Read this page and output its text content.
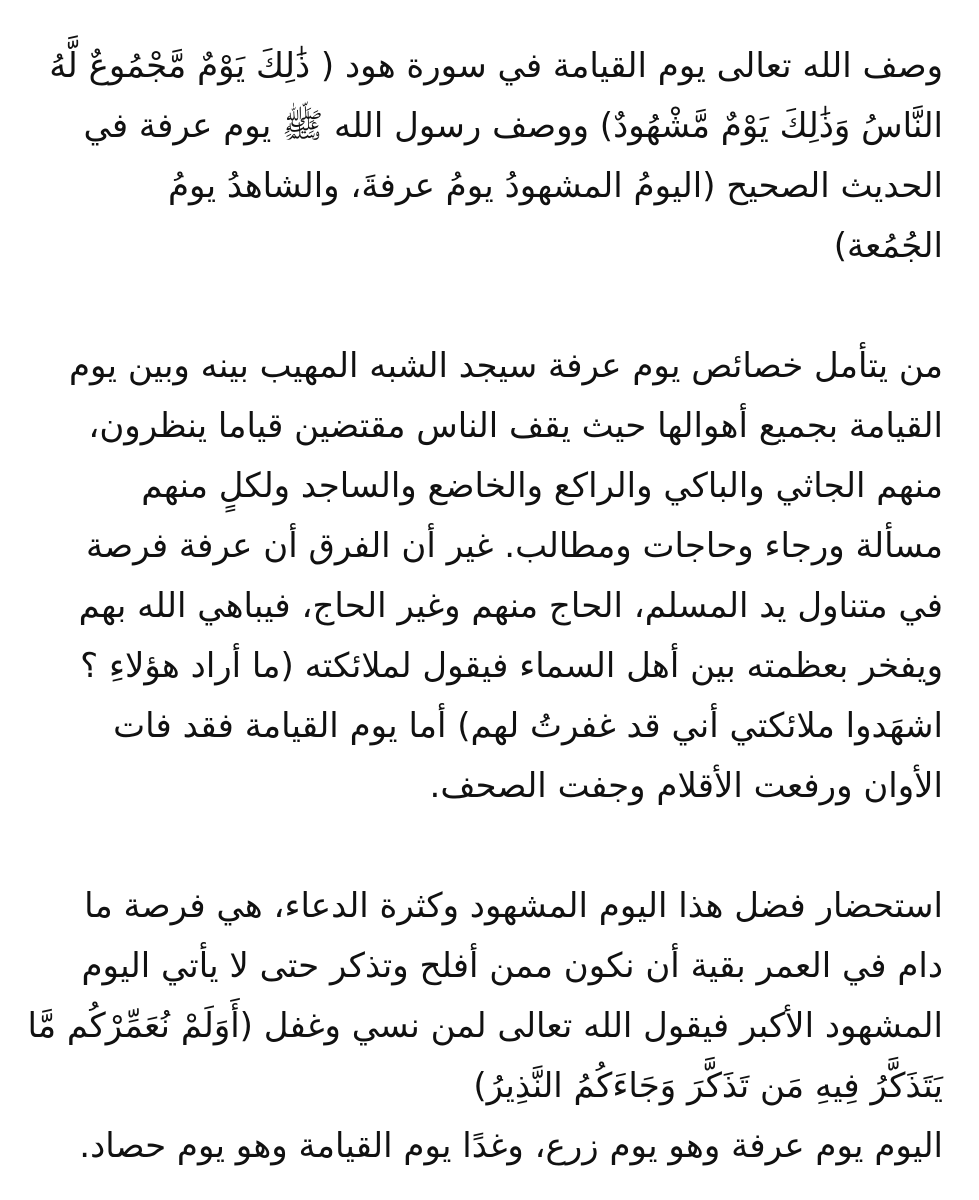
وصف الله تعالى يوم القيامة في سورة هود ( ذَٰلِكَ يَوْمٌ مَّجْمُوعٌ لَّهُ
النَّاسُ وَذَٰلِكَ يَوْمٌ مَّشْهُودٌ) ووصف رسول الله ﷺ يوم عرفة في
الحديث الصحيح (اليومُ المشهودُ يومُ عرفةَ، والشاهدُ يومُ
الجُمُعة)
من يتأمل خصائص يوم عرفة سيجد الشبه المهيب بينه وبين يوم
القيامة بجميع أهوالها حيث يقف الناس مقتضين قياما ينظرون،
منهم الجاثي والباكي والراكع والخاضع والساجد ولكلٍ منهم
مسألة ورجاء وحاجات ومطالب. غير أن الفرق أن عرفة فرصة
في متناول يد المسلم، الحاج منهم وغير الحاج، فيباهي الله بهم
ويفخر بعظمته بين أهل السماء فيقول لملائكته (ما أراد هؤلاءِ ؟
اشهَدوا ملائكتي أني قد غفرتُ لهم) أما يوم القيامة فقد فات
الأوان ورفعت الأقلام وجفت الصحف.
استحضار فضل هذا اليوم المشهود وكثرة الدعاء، هي فرصة ما
دام في العمر بقية أن نكون ممن أفلح وتذكر حتى لا يأتي اليوم
المشهود الأكبر فيقول الله تعالى لمن نسي وغفل (أَوَلَمْ نُعَمِّرْكُم مَّا
يَتَذَكَّرُ فِيهِ مَن تَذَكَّرَ وَجَاءَكُمُ النَّذِيرُ)
اليوم يوم عرفة وهو يوم زرع، وغدًا يوم القيامة وهو يوم حصاد.
